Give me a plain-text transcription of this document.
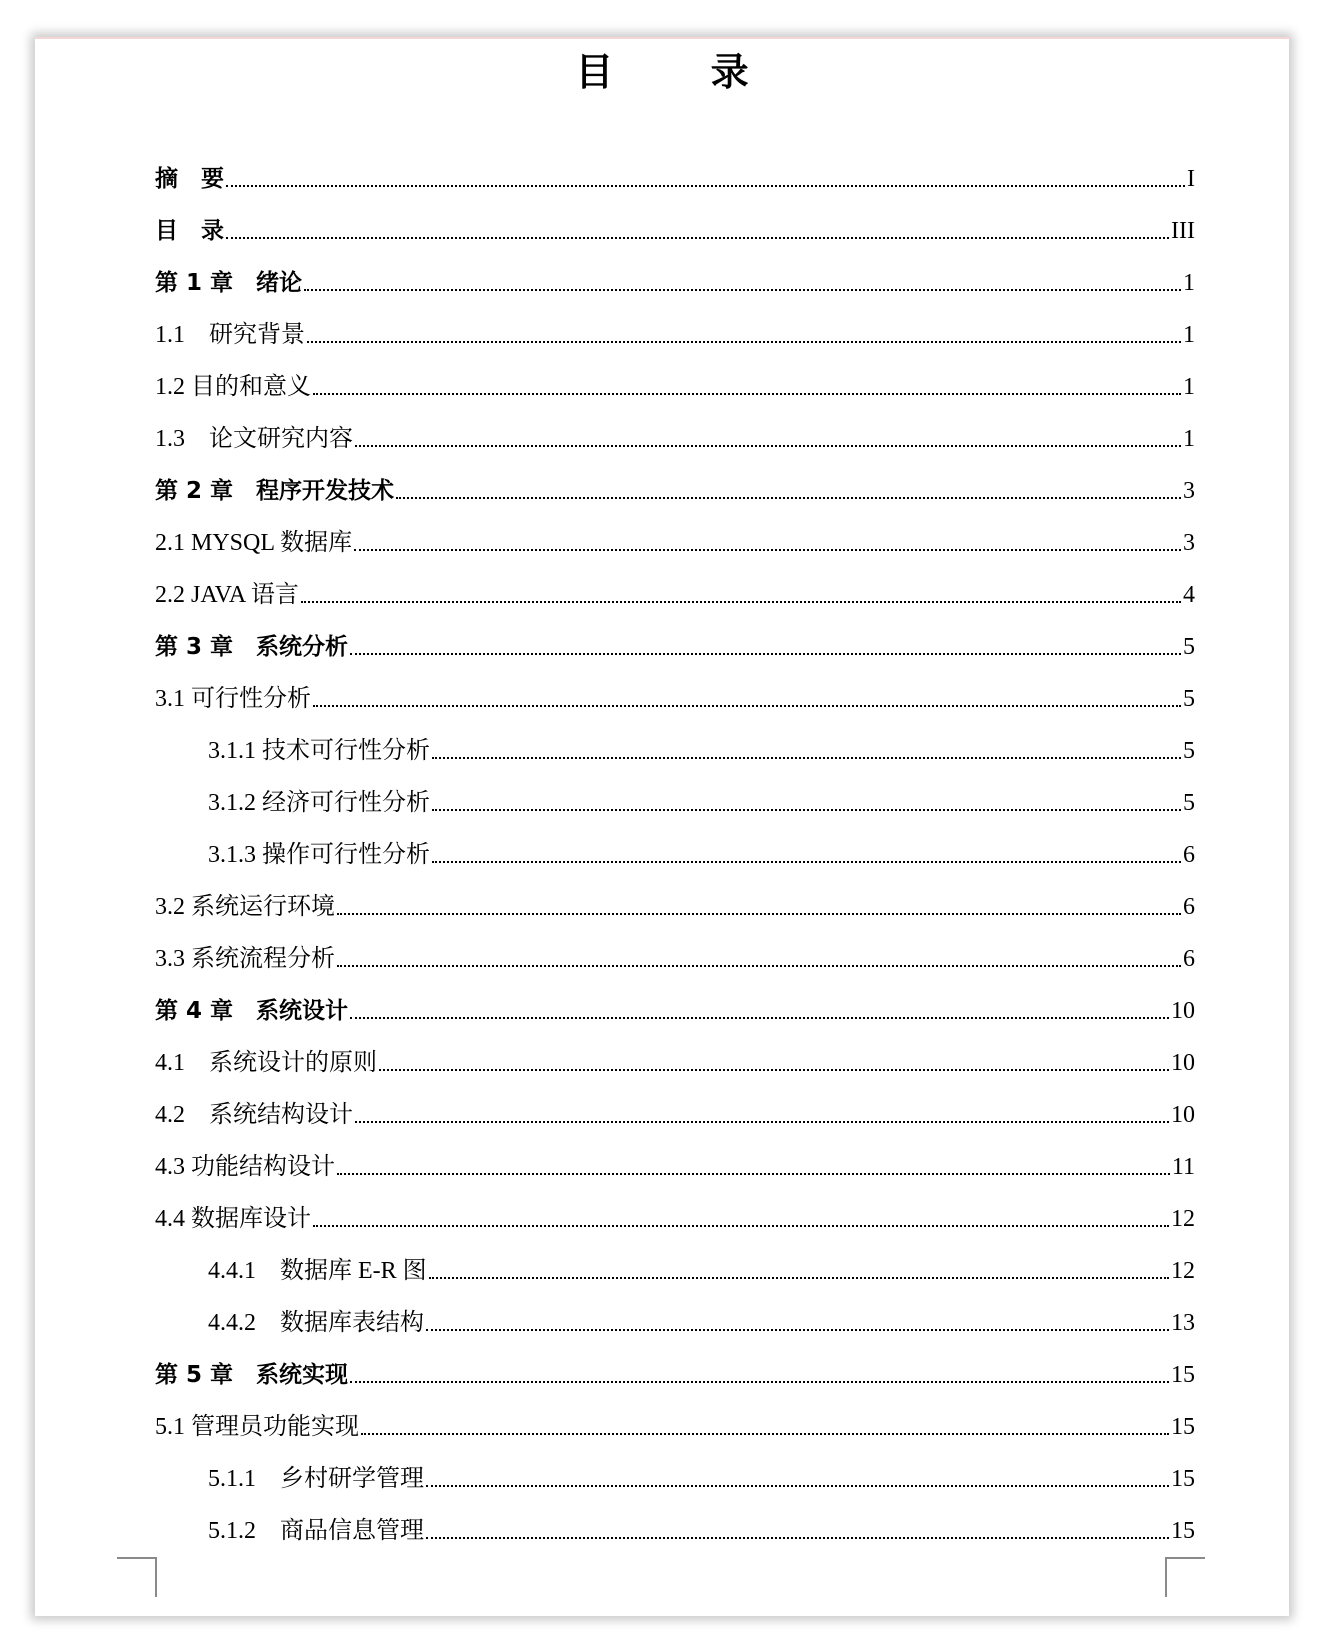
目 录
摘　要	I
目　录	III
第 1 章　绪论	1
1.1　研究背景	1
1.2 目的和意义	1
1.3　论文研究内容	1
第 2 章　程序开发技术	3
2.1 MYSQL 数据库	3
2.2 JAVA 语言	4
第 3 章　系统分析	5
3.1 可行性分析	5
3.1.1 技术可行性分析	5
3.1.2 经济可行性分析	5
3.1.3 操作可行性分析	6
3.2 系统运行环境	6
3.3 系统流程分析	6
第 4 章　系统设计	10
4.1　系统设计的原则	10
4.2　系统结构设计	10
4.3 功能结构设计	11
4.4 数据库设计	12
4.4.1　数据库 E-R 图	12
4.4.2　数据库表结构	13
第 5 章　系统实现	15
5.1 管理员功能实现	15
5.1.1　乡村研学管理	15
5.1.2　商品信息管理	15
